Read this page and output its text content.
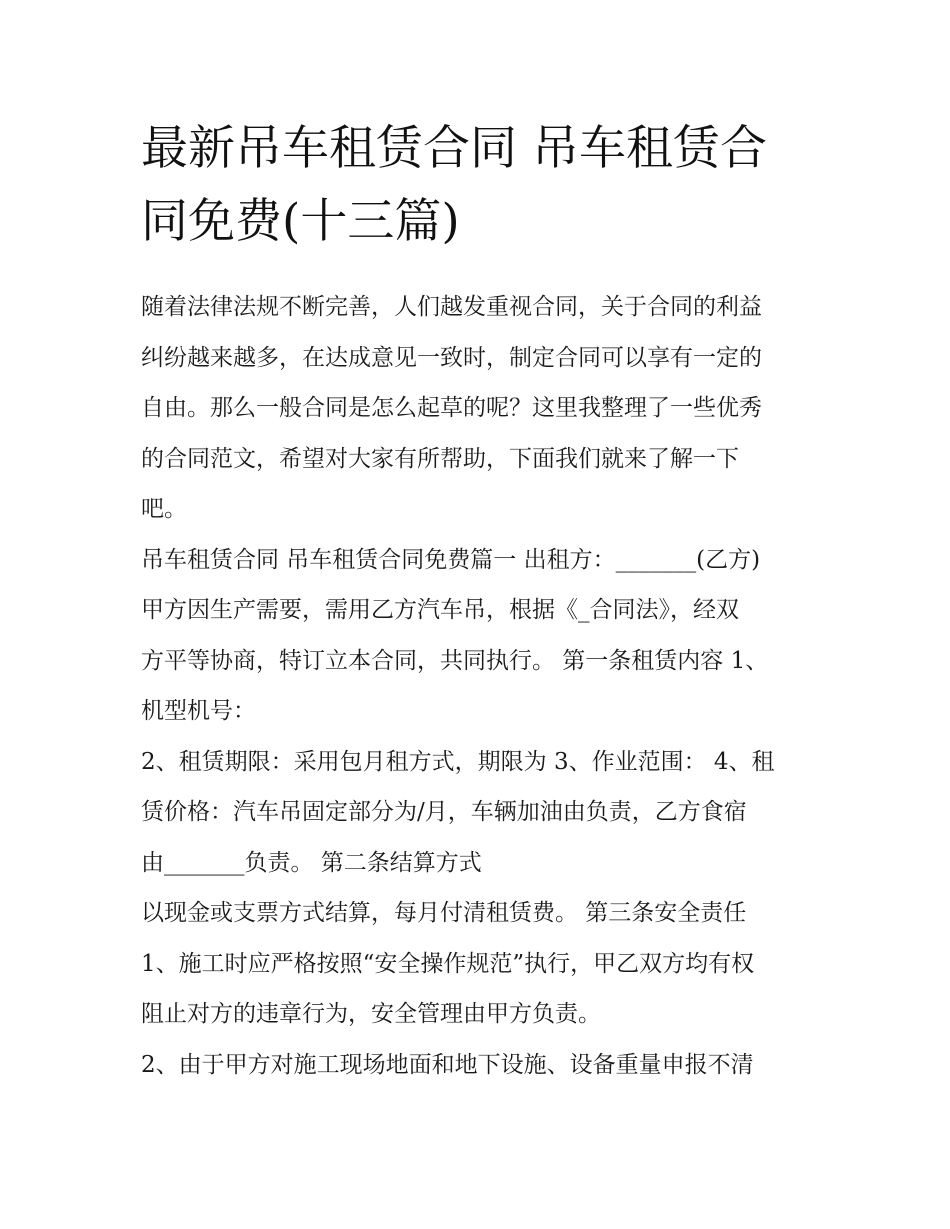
最新吊车租赁合同 吊车租赁合
同免费(十三篇)
随着法律法规不断完善，人们越发重视合同，关于合同的利益
纠纷越来越多，在达成意见一致时，制定合同可以享有一定的
自由。那么一般合同是怎么起草的呢？这里我整理了一些优秀
的合同范文，希望对大家有所帮助，下面我们就来了解一下
吧。
吊车租赁合同 吊车租赁合同免费篇一 出租方：_______(乙方)
甲方因生产需要，需用乙方汽车吊，根据《_合同法》，经双
方平等协商，特订立本合同，共同执行。 第一条租赁内容 1、
机型机号：
2、租赁期限：采用包月租方式，期限为 3、作业范围： 4、租
赁价格：汽车吊固定部分为/月，车辆加油由负责，乙方食宿
由_______负责。 第二条结算方式
以现金或支票方式结算，每月付清租赁费。 第三条安全责任
1、施工时应严格按照“安全操作规范”执行，甲乙双方均有权
阻止对方的违章行为，安全管理由甲方负责。
2、由于甲方对施工现场地面和地下设施、设备重量申报不清
